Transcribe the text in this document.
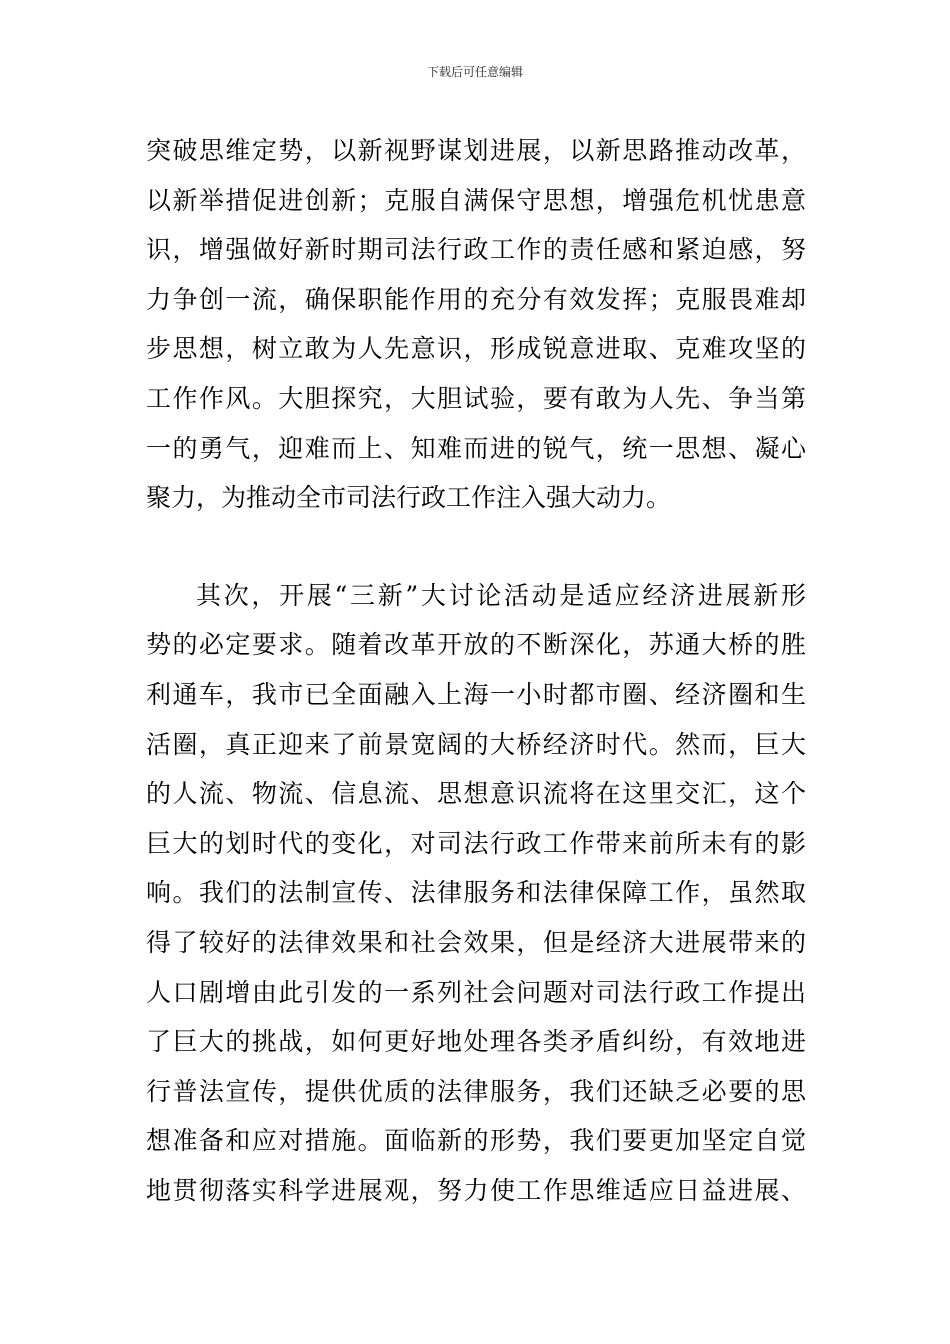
下载后可任意编辑
突破思维定势，以新视野谋划进展，以新思路推动改革，
以新举措促进创新；克服自满保守思想，增强危机忧患意
识，增强做好新时期司法行政工作的责任感和紧迫感，努
力争创一流，确保职能作用的充分有效发挥；克服畏难却
步思想，树立敢为人先意识，形成锐意进取、克难攻坚的
工作作风。大胆探究，大胆试验，要有敢为人先、争当第
一的勇气，迎难而上、知难而进的锐气，统一思想、凝心
聚力，为推动全市司法行政工作注入强大动力。
其次，开展“三新”大讨论活动是适应经济进展新形
势的必定要求。随着改革开放的不断深化，苏通大桥的胜
利通车，我市已全面融入上海一小时都市圈、经济圈和生
活圈，真正迎来了前景宽阔的大桥经济时代。然而，巨大
的人流、物流、信息流、思想意识流将在这里交汇，这个
巨大的划时代的变化，对司法行政工作带来前所未有的影
响。我们的法制宣传、法律服务和法律保障工作，虽然取
得了较好的法律效果和社会效果，但是经济大进展带来的
人口剧增由此引发的一系列社会问题对司法行政工作提出
了巨大的挑战，如何更好地处理各类矛盾纠纷，有效地进
行普法宣传，提供优质的法律服务，我们还缺乏必要的思
想准备和应对措施。面临新的形势，我们要更加坚定自觉
地贯彻落实科学进展观，努力使工作思维适应日益进展、
